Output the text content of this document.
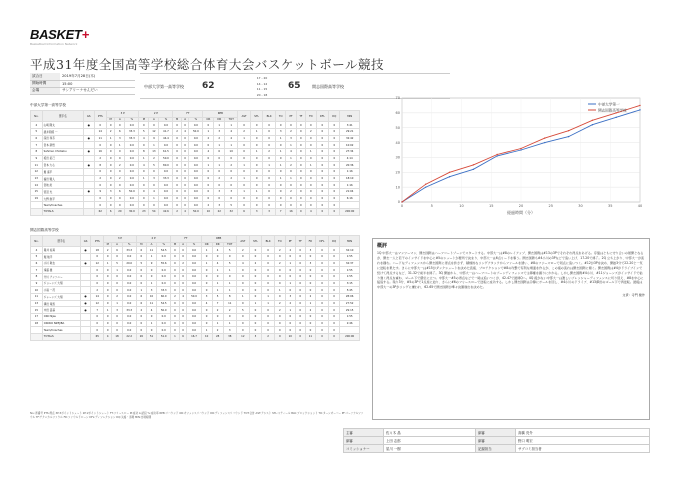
BASKET+
Basketball Information Network
平成31年度全国高等学校総合体育大会バスケットボール競技
試合日	2019年7月28日(木)
開始時間	15:00
会場	サンアリーナせんだい
中部大学第一高等学校 62
17 - 20
14 - 12
11 - 15
20 - 18
65	開志国際高等学校
中部大学第一高等学校
No.	選手名	GS	PTS	3 P			2 P			FT			REB			AST	STL	BLK	TO	PF	TF	FD	DFL	DQ	MIN
				M	A	%	M	A	%	M	A	%	OR	DR	TOT										
4	山崎 陽太	●	0	0	0	0.0	0	0	0.0	0	0	0.0	0	1	1	0	0	0	0	0	0	0	0	0	3:41
5	酒井莉郁 一		14	2	6	33.3	5	12	41.7	2	4	50.0	1	3	4	2	1	0	3	2	0	2	0	0	29:21
6	深田 和寿	●	11	1	3	33.3	4	9	44.4	0	0	0.0	2	2	4	1	0	0	1	3	0	0	0	0	32:42
7	宮本 新悟		0	0	1	0.0	0	1	0.0	0	0	0.0	0	1	1	0	0	0	0	1	0	0	0	0	10:02
8	Sahmen Chidiebu	●	16	0	0	0.0	8	13	61.5	0	0	0.0	4	6	10	0	1	2	1	4	0	1	0	0	27:34
9	坂田 拓己		2	0	0	0.0	1	2	50.0	0	0	0.0	0	0	0	0	0	0	0	1	0	0	0	0	4:14
11	宮本 大心	●	8	0	2	0.0	4	5	80.0	0	0	0.0	1	1	2	1	0	1	1	2	0	1	0	0	20:36
12	堀 遥平		0	0	0	0.0	0	0	0.0	0	0	0.0	0	0	0	0	0	0	0	0	0	0	0	0	1:16
13	福田 駿人		2	0	2	0.0	1	3	33.3	0	0	0.0	0	2	2	1	0	0	1	1	0	0	0	0	18:10
14	宮地 紘		0	0	0	0.0	0	0	0.0	0	0	0.0	0	0	0	0	0	0	0	0	0	0	0	0	1:16
15	菅沼 光	●	9	3	6	50.0	0	4	0.0	0	0	0.0	0	3	3	1	1	0	0	2	0	0	0	0	21:04
19	大野 航平		0	0	0	0.0	0	1	0.0	0	0	0.0	0	0	0	0	0	0	0	0	0	0	0	0	6:16
	Team/Coaches		0	0	0	0.0	0	0	0.0	0	0	0.0	2	3	5	0	0	0	0	0	0	0	0	0	
	TOTALS		62	6	20	30.0	23	54	42.6	2	4	50.0	10	22	32	6	3	3	7	16	0	4	0	0	200:00
開志国際高等学校
No.	選手名	GS	PTS	3 P			2 P			FT			REB			AST	STL	BLK	TO	PF	TF	FD	DFL	DQ	MIN
				M	A	%	M	A	%	M	A	%	OR	DR	TOT										
4	岡井 佑真	●	18	2	6	33.3	6	11	54.5	0	0	0.0	1	4	5	2	0	0	2	2	0	3	0	0	34:10
5	堀 航平		0	0	0	0.0	0	1	0.0	0	0	0.0	0	0	0	0	0	0	0	0	0	0	0	0	1:55
6	小川 敦也	●	12	1	5	20.0	5	9	55.6	0	2	0.0	1	4	5	4	2	0	2	1	0	3	0	0	34:37
7	遠藤 健		0	0	1	0.0	0	0	0.0	0	0	0.0	0	1	1	0	0	0	0	0	0	0	0	0	1:55
8	介川 アンソニー		0	0	0	0.0	0	0	0.0	0	0	0.0	0	0	0	0	0	0	0	0	0	0	0	0	1:55
9	ジョーンズ 大翔		0	0	0	0.0	0	1	0.0	0	0	0.0	0	1	1	0	0	0	0	1	0	0	0	0	3:15
10	小島 一茂		2	0	0	0.0	1	3	33.3	0	0	0.0	0	1	1	0	0	0	1	0	0	0	0	0	5:45
11	ジャーンズ 大翔	●	14	0	2	0.0	6	10	60.0	2	4	50.0	3	5	8	1	0	1	0	3	0	2	0	0	28:06
13	澤田 竜馬	●	12	0	1	0.0	6	11	54.5	0	0	0.0	4	7	11	0	1	1	2	2	0	1	0	0	27:52
15	中田 嵩基	●	7	1	3	33.3	2	4	50.0	0	0	0.0	0	2	2	5	0	0	2	1	0	2	0	0	29:15
17	OKO Njau		0	0	0	0.0	0	0	0.0	0	0	0.0	0	0	0	0	0	0	0	0	0	0	0	0	1:55
18	OKOKO NZEJIBA		0	0	0	0.0	0	1	0.0	0	0	0.0	0	1	1	0	0	0	0	0	0	0	0	0	2:46
	Team/Coaches		0	0	0	0.0	0	0	0.0	0	0	0.0	1	2	3	0	0	0	0	0	0	0	0	0	
	TOTALS		65	4	18	22.2	26	51	51.0	1	6	16.7	10	28	38	12	3	2	9	10	0	11	0	0	200:00
0
10
20
30
40
50
60
70
0	5	10	15	20	25	30	35	40
経過時間（分）
中部大学第一
開志国際高等学校
概評

1Q 中部大一はマンツーマン、開志国際はハーフコートゾーンでスタートする。中部大一は#8のレイアップ、開志国際は#13の3Pでそれぞれ得点をあげる。序盤はともに守り合いの展開となるが、開志一人と若干のインサイドを中心に#5のシュートが要所で決まり、中部大一は6点リードを奪う。開志国際も#4小川の3Pなどで追い上げ、17-20で終了。2Q 立ち上がり、中部大一が流れを掴む。ハードなディフェンスから開志国際に得点を許さず、積極的なリングアタックからファールを誘い、#8のフリースローで同点に追いつく。#12が3Pを決め、開始3分で22-20と一気に逆転を果たす。さらに中部大一は#15がダンクシュートを決めた直後、プロテクションで#8の攻撃で有利な場面を作るが、この後の流れは開志国際に傾く。開志国際は#4がドライブインで続けて得点するなど、31-32で前半を終了。3Q 開始から、中部大一はハーフコートのゾーンディフェンスで主導権を握りにかかる。しかし開志国際#4小川、#11ジョーンズがインサイドで粘り強く得点を重ね、ゴール下で優位に立つ。中部大一#5の得点などで一時は追いつくが、42-47で最終Qへ。4Q 後がない中部大一は激しいプレッシャーディフェンスに切り替え、#8を中心に猛追する。残り3分、#5の3Pで1点差に迫り、さらに#6のフリースローで逆転に成功する。しかし開志国際は冷静にボールを回し、#4小川のドライブ、#13澤田のゴール下で再逆転。最後は中部大一の3Pがリングに嫌われ、62-65で開志国際が準々決勝進出を決めた。

文責：寺門 健作
No.:背番号 PTS:得点 3P:3ポイントシュート 2P:2ポイントシュート FT:フリースロー M:成功 A:試投 %:成功率 REB:リバウンド OR:オフェンスリバウンド DR:ディフェンスリバウンド TOT:合計 AST:アシスト STL:スティール BLK:ブロックショット TO:ターンオーバー PF:パーソナルファウル TF:テクニカルファウル FD:ファウルドローン DFL:ディフレクション DQ:失格・退場 MIN:出場時間
主審	佐々木 晶	副審	高橋 亮介
副審	上田 志郎	副審	野口 明宏
コミッショナー	星川 一樹	記録担当	サブコミ担当者
